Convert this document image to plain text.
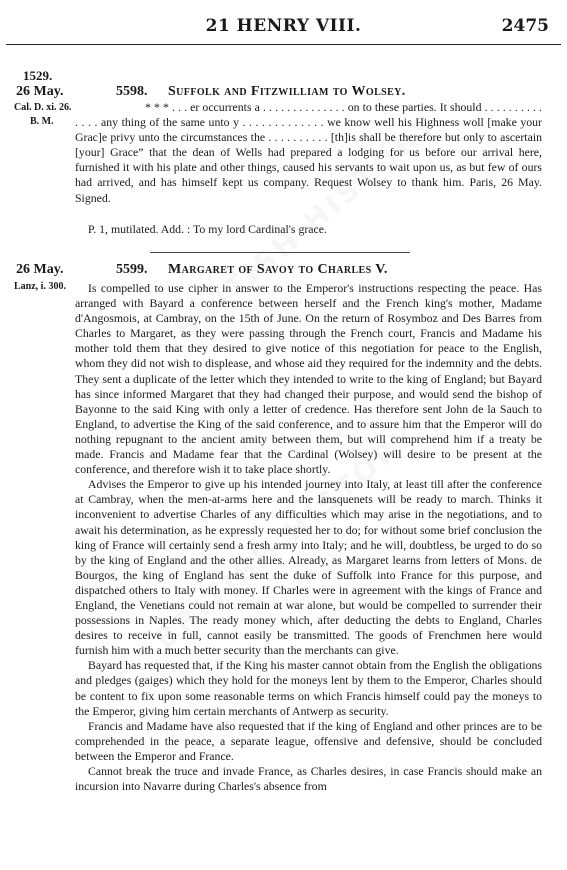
21 HENRY VIII.	2475
1529.
26 May.	5598. Suffolk and Fitzwilliam to Wolsey.
Cal. D. xi. 26.
B. M.

* * * . . . er occurrents a . . . . . . . . . . . . . . on to these parties. It should . . . . . . . . . . . . . . any thing of the same unto y . . . . . . . . . . . . . we know well his Highness woll [make your Grac]e privy unto the circumstances the . . . . . . . . . . [th]is shall be therefore but only to ascertain [your] Grace” that the dean of Wells had prepared a lodging for us before our arrival here, furnished it with his plate and other things, caused his servants to wait upon us, as but few of ours had arrived, and has himself kept us company. Request Wolsey to thank him. Paris, 26 May. Signed.

P. 1, mutilated. Add. : To my lord Cardinal's grace.
26 May.	5599. Margaret of Savoy to Charles V.
Lanz, i. 300.	Is compelled to use cipher in answer to the Emperor's instructions respecting the peace. Has arranged with Bayard a conference between herself and the French king's mother, Madame d'Angosmois, at Cambray, on the 15th of June. On the return of Rosymboz and Des Barres from Charles to Margaret, as they were passing through the French court, Francis and Madame his mother told them that they desired to give notice of this negotiation for peace to the English, whom they did not wish to displease, and whose aid they required for the indemnity and the debts. They sent a duplicate of the letter which they intended to write to the king of England; but Bayard has since informed Margaret that they had changed their purpose, and would send the bishop of Bayonne to the said King with only a letter of credence. Has therefore sent John de la Sauch to England, to advertise the King of the said conference, and to assure him that the Emperor will do nothing repugnant to the ancient amity between them, but will comprehend him if a treaty be made. Francis and Madame fear that the Cardinal (Wolsey) will desire to be present at the conference, and therefore wish it to take place shortly.

Advises the Emperor to give up his intended journey into Italy, at least till after the conference at Cambray, when the men-at-arms here and the lansquenets will be ready to march. Thinks it inconvenient to advertise Charles of any difficulties which may arise in the negotiations, and to await his determination, as he expressly requested her to do; for without some brief conclusion the king of France will certainly send a fresh army into Italy; and he will, doubtless, be urged to do so by the king of England and the other allies. Already, as Margaret learns from letters of Mons. de Bourgos, the king of England has sent the duke of Suffolk into France for this purpose, and dispatched others to Italy with money. If Charles were in agreement with the kings of France and England, the Venetians could not remain at war alone, but would be compelled to surrender their possessions in Naples. The ready money which, after deducting the debts to England, Charles desires to receive in full, cannot easily be transmitted. The goods of Frenchmen here would furnish him with a much better security than the merchants can give.

Bayard has requested that, if the King his master cannot obtain from the English the obligations and pledges (gaiges) which they hold for the moneys lent by them to the Emperor, Charles should be content to fix upon some reasonable terms on which Francis himself could pay the moneys to the Emperor, giving him certain merchants of Antwerp as security.

Francis and Madame have also requested that if the king of England and other princes are to be comprehended in the peace, a separate league, offensive and defensive, should be concluded between the Emperor and France.

Cannot break the truce and invade France, as Charles desires, in case Francis should make an incursion into Navarre during Charles's absence from
